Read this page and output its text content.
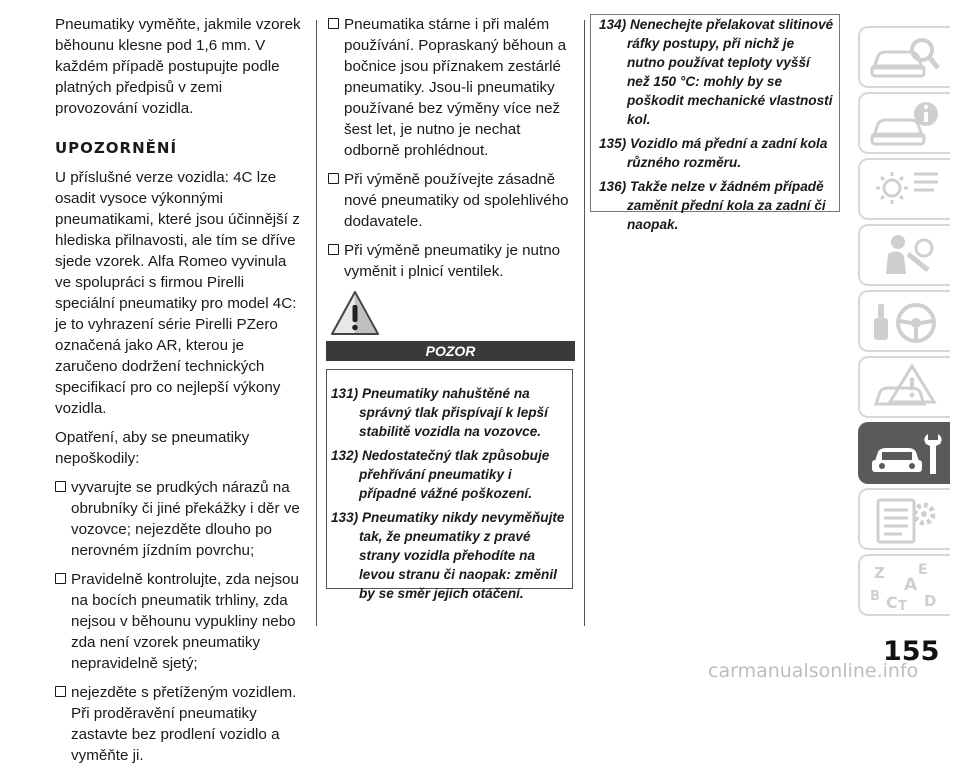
Pneumatiky vyměňte, jakmile vzorek běhounu klesne pod 1,6 mm. V každém případě postupujte podle platných předpisů v zemi provozování vozidla.

UPOZORNĚNÍ

U příslušné verze vozidla: 4C lze osadit vysoce výkonnými pneumatikami, které jsou účinnější z hlediska přilnavosti, ale tím se dříve sjede vzorek. Alfa Romeo vyvinula ve spolupráci s firmou Pirelli speciální pneumatiky pro model 4C: je to vyhrazení série Pirelli PZero označená jako AR, kterou je zaručeno dodržení technických specifikací pro co nejlepší výkony vozidla.

Opatření, aby se pneumatiky nepoškodily:

vyvarujte se prudkých nárazů na obrubníky či jiné překážky i děr ve vozovce; nejezděte dlouho po nerovném jízdním povrchu;
Pravidelně kontrolujte, zda nejsou na bocích pneumatik trhliny, zda nejsou v běhounu vypukliny nebo zda není vzorek pneumatiky nepravidelně sjetý;
nejezděte s přetíženým vozidlem. Při proděravění pneumatiky zastavte bez prodlení vozidlo a vyměňte ji.
Pneumatika stárne i při malém používání. Popraskaný běhoun a bočnice jsou příznakem zestárlé pneumatiky. Jsou-li pneumatiky používané bez výměny více než šest let, je nutno je nechat odborně prohlédnout.
Při výměně používejte zásadně nové pneumatiky od spolehlivého dodavatele.
Při výměně pneumatiky je nutno vyměnit i plnicí ventilek.
POZOR

131) Pneumatiky nahuštěné na správný tlak přispívají k lepší stabilitě vozidla na vozovce.

132) Nedostatečný tlak způsobuje přehřívání pneumatiky i případné vážné poškození.

133) Pneumatiky nikdy nevyměňujte tak, že pneumatiky z pravé strany vozidla přehodíte na levou stranu či naopak: změnil by se směr jejich otáčení.

134) Nenechejte přelakovat slitinové ráfky postupy, při nichž je nutno používat teploty vyšší než 150 °C: mohly by se poškodit mechanické vlastnosti kol.

135) Vozidlo má přední a zadní kola různého rozměru.

136) Takže nelze v žádném případě zaměnit přední kola za zadní či naopak.

Z E
A
B C T D
155
carmanualsonline.info
